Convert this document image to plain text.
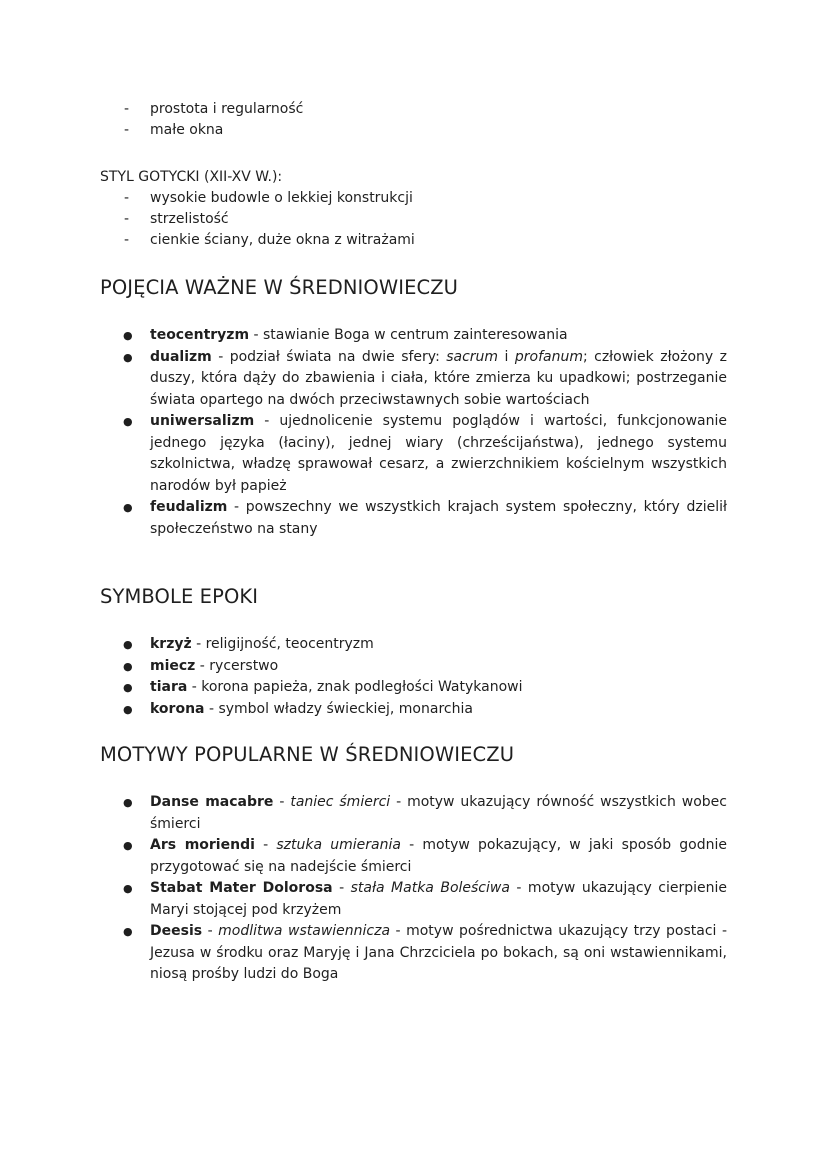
- prostota i regularność
- małe okna
STYL GOTYCKI (XII-XV W.):
- wysokie budowle o lekkiej konstrukcji
- strzelistość
- cienkie ściany, duże okna z witrażami
POJĘCIA WAŻNE W ŚREDNIOWIECZU
● teocentryzm - stawianie Boga w centrum zainteresowania
● dualizm - podział świata na dwie sfery: sacrum i profanum; człowiek złożony z duszy, która dąży do zbawienia i ciała, które zmierza ku upadkowi; postrzeganie świata opartego na dwóch przeciwstawnych sobie wartościach
● uniwersalizm - ujednolicenie systemu poglądów i wartości, funkcjonowanie jednego języka (łaciny), jednej wiary (chrześcijaństwa), jednego systemu szkolnictwa, władzę sprawował cesarz, a zwierzchnikiem kościelnym wszystkich narodów był papież
● feudalizm - powszechny we wszystkich krajach system społeczny, który dzielił społeczeństwo na stany
SYMBOLE EPOKI
● krzyż - religijność, teocentryzm
● miecz - rycerstwo
● tiara - korona papieża, znak podległości Watykanowi
● korona - symbol władzy świeckiej, monarchia
MOTYWY POPULARNE W ŚREDNIOWIECZU
● Danse macabre - taniec śmierci - motyw ukazujący równość wszystkich wobec śmierci
● Ars moriendi - sztuka umierania - motyw pokazujący, w jaki sposób godnie przygotować się na nadejście śmierci
● Stabat Mater Dolorosa - stała Matka Boleściwa - motyw ukazujący cierpienie Maryi stojącej pod krzyżem
● Deesis - modlitwa wstawiennicza - motyw pośrednictwa ukazujący trzy postaci - Jezusa w środku oraz Maryję i Jana Chrzciciela po bokach, są oni wstawiennikami, niosą prośby ludzi do Boga
